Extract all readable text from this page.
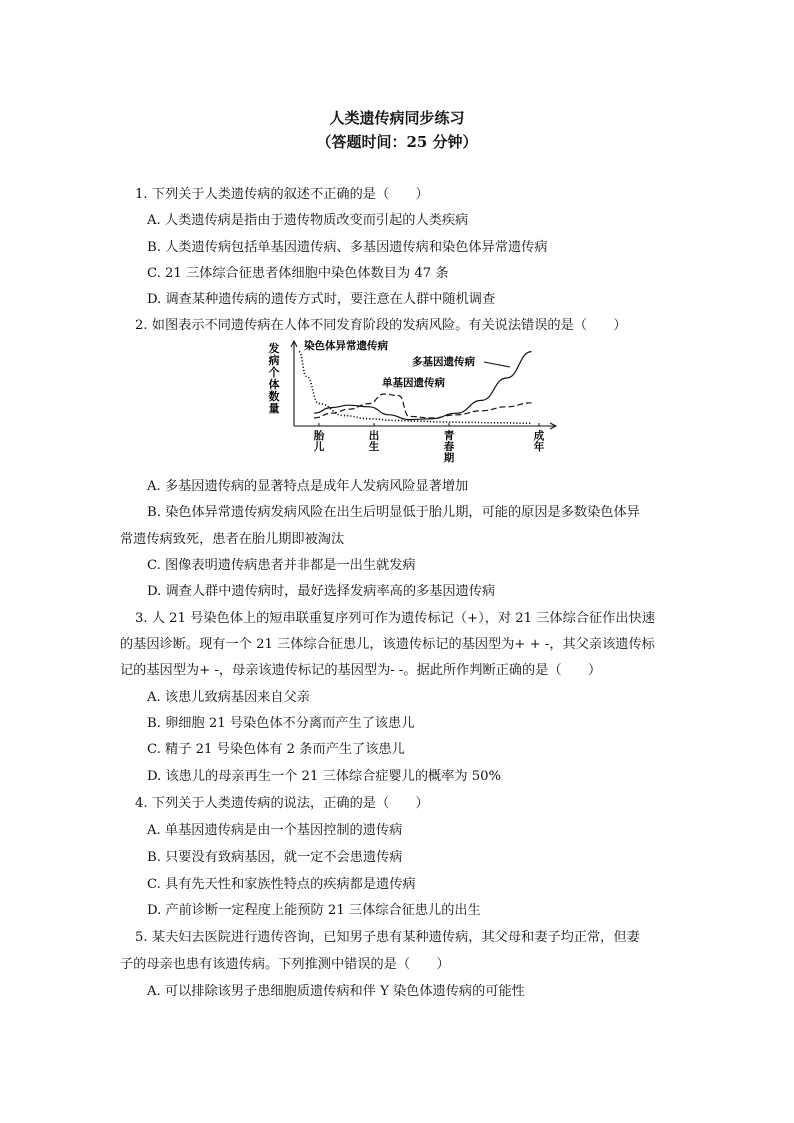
人类遗传病同步练习
（答题时间：25 分钟）
1. 下列关于人类遗传病的叙述不正确的是（　　）
A. 人类遗传病是指由于遗传物质改变而引起的人类疾病
B. 人类遗传病包括单基因遗传病、多基因遗传病和染色体异常遗传病
C. 21 三体综合征患者体细胞中染色体数目为 47 条
D. 调查某种遗传病的遗传方式时，要注意在人群中随机调查
2. 如图表示不同遗传病在人体不同发育阶段的发病风险。有关说法错误的是（　　）
发
病
个
体
数
量
胎
儿
出
生
青
春
期
成
年
染色体异常遗传病
多基因遗传病
单基因遗传病
A. 多基因遗传病的显著特点是成年人发病风险显著增加
B. 染色体异常遗传病发病风险在出生后明显低于胎儿期，可能的原因是多数染色体异
常遗传病致死，患者在胎儿期即被淘汰
C. 图像表明遗传病患者并非都是一出生就发病
D. 调查人群中遗传病时，最好选择发病率高的多基因遗传病
3. 人 21 号染色体上的短串联重复序列可作为遗传标记（+），对 21 三体综合征作出快速
的基因诊断。现有一个 21 三体综合征患儿，该遗传标记的基因型为+ + -，其父亲该遗传标
记的基因型为+ -，母亲该遗传标记的基因型为- -。据此所作判断正确的是（　　）
A. 该患儿致病基因来自父亲
B. 卵细胞 21 号染色体不分离而产生了该患儿
C. 精子 21 号染色体有 2 条而产生了该患儿
D. 该患儿的母亲再生一个 21 三体综合症婴儿的概率为 50%
4. 下列关于人类遗传病的说法，正确的是（　　）
A. 单基因遗传病是由一个基因控制的遗传病
B. 只要没有致病基因，就一定不会患遗传病
C. 具有先天性和家族性特点的疾病都是遗传病
D. 产前诊断一定程度上能预防 21 三体综合征患儿的出生
5. 某夫妇去医院进行遗传咨询，已知男子患有某种遗传病，其父母和妻子均正常，但妻
子的母亲也患有该遗传病。下列推测中错误的是（　　）
A. 可以排除该男子患细胞质遗传病和伴 Y 染色体遗传病的可能性
